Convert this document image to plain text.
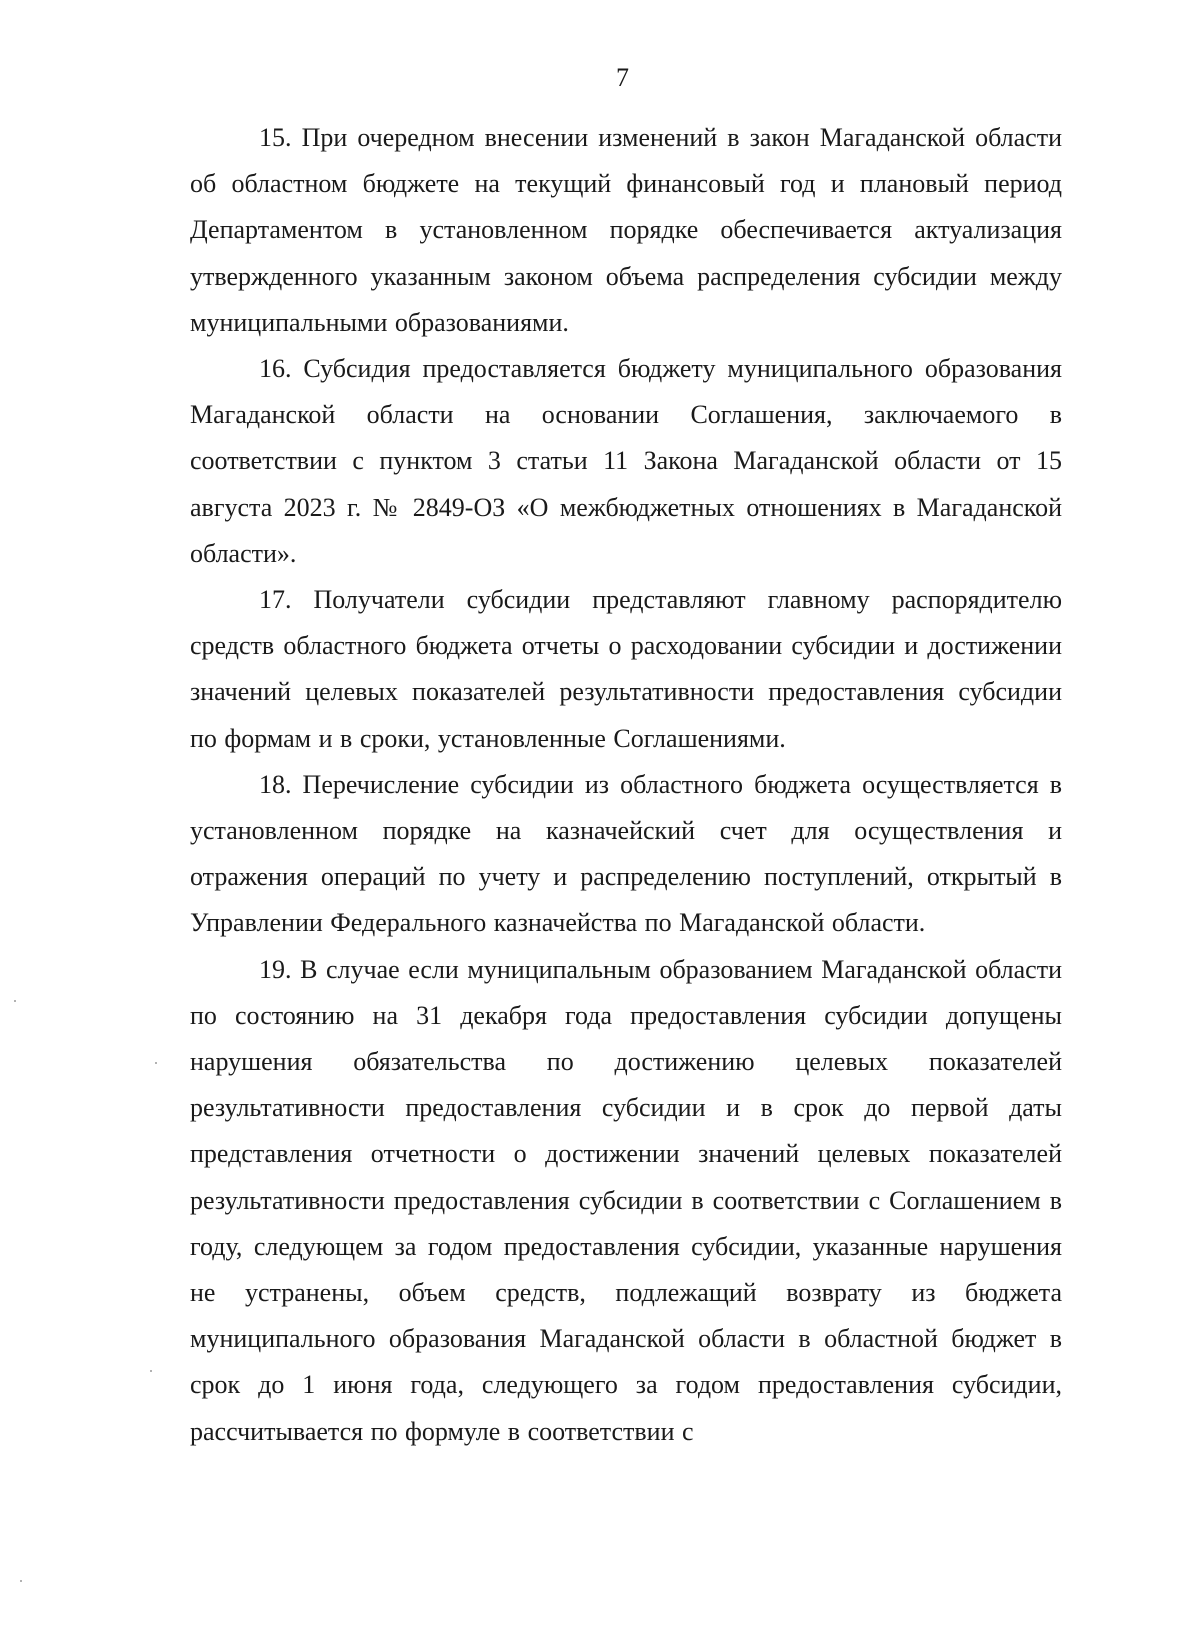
7

15. При очередном внесении изменений в закон Магаданской области об областном бюджете на текущий финансовый год и плановый период Департаментом в установленном порядке обеспечивается актуализация утвержденного указанным законом объема распределения субсидии между муниципальными образованиями.

16. Субсидия предоставляется бюджету муниципального образования Магаданской области на основании Соглашения, заключаемого в соответствии с пунктом 3 статьи 11 Закона Магаданской области от 15 августа 2023 г. № 2849-ОЗ «О межбюджетных отношениях в Магаданской области».

17. Получатели субсидии представляют главному распорядителю средств областного бюджета отчеты о расходовании субсидии и достижении значений целевых показателей результативности предоставления субсидии по формам и в сроки, установленные Соглашениями.

18. Перечисление субсидии из областного бюджета осуществляется в установленном порядке на казначейский счет для осуществления и отражения операций по учету и распределению поступлений, открытый в Управлении Федерального казначейства по Магаданской области.

19. В случае если муниципальным образованием Магаданской области по состоянию на 31 декабря года предоставления субсидии допущены нарушения обязательства по достижению целевых показателей результативности предоставления субсидии и в срок до первой даты представления отчетности о достижении значений целевых показателей результативности предоставления субсидии в соответствии с Соглашением в году, следующем за годом предоставления субсидии, указанные нарушения не устранены, объем средств, подлежащий возврату из бюджета муниципального образования Магаданской области в областной бюджет в срок до 1 июня года, следующего за годом предоставления субсидии, рассчитывается по формуле в соответствии с
